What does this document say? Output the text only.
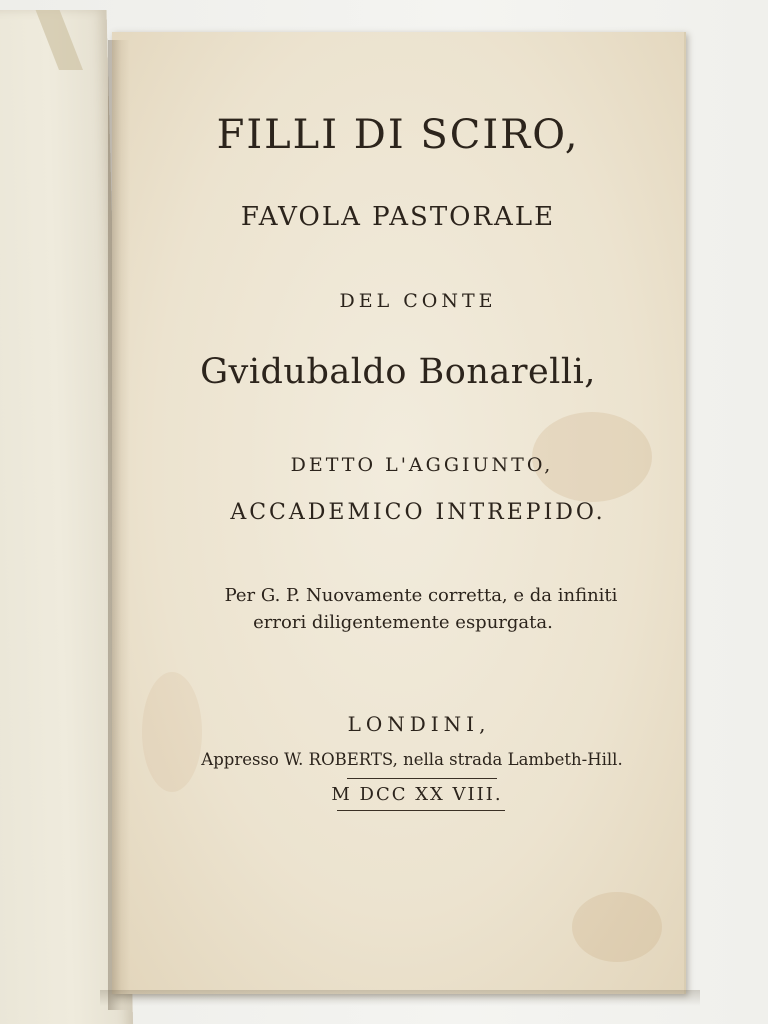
FILLI DI SCIRO,
FAVOLA PASTORALE
DEL CONTE
Gvidubaldo Bonarelli,
DETTO L'AGGIUNTO,
ACCADEMICO INTREPIDO.
Per G. P. Nuovamente corretta, e da infiniti
errori diligentemente espurgata.
LONDINI,
Appresso W. ROBERTS, nella strada Lambeth-Hill.
M DCC XX VIII.
